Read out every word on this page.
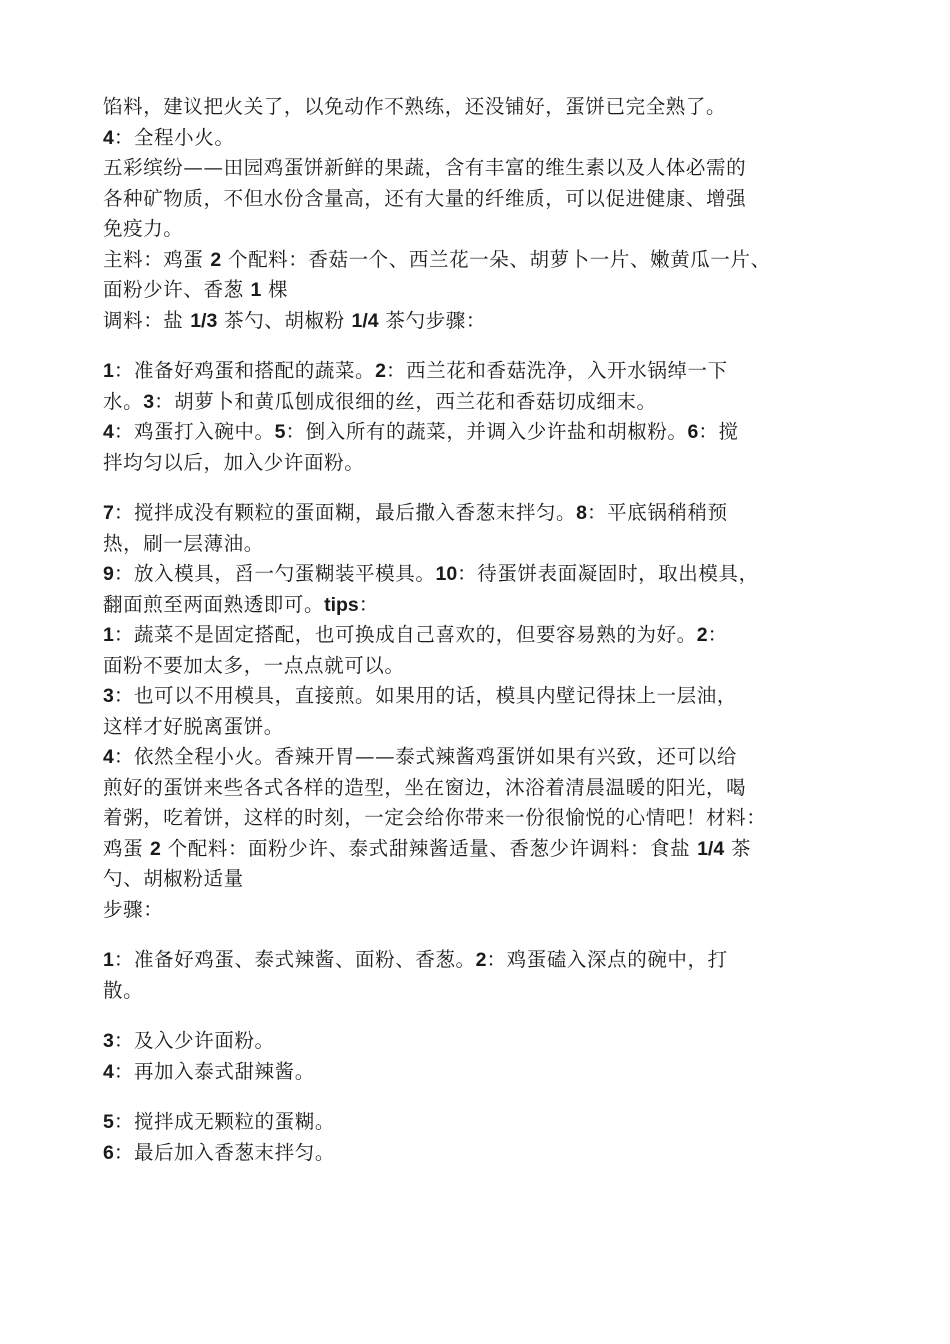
馅料，建议把火关了，以免动作不熟练，还没铺好，蛋饼已完全熟了。

4：全程小火。

五彩缤纷——田园鸡蛋饼新鲜的果蔬，含有丰富的维生素以及人体必需的

各种矿物质，不但水份含量高，还有大量的纤维质，可以促进健康、增强

免疫力。

主料：鸡蛋 2 个配料：香菇一个、西兰花一朵、胡萝卜一片、嫩黄瓜一片、

面粉少许、香葱 1 棵

调料：盐 1/3 茶勺、胡椒粉 1/4 茶勺步骤：

1：准备好鸡蛋和搭配的蔬菜。2：西兰花和香菇洗净，入开水锅绰一下

水。3：胡萝卜和黄瓜刨成很细的丝，西兰花和香菇切成细末。

4：鸡蛋打入碗中。5：倒入所有的蔬菜，并调入少许盐和胡椒粉。6：搅

拌均匀以后，加入少许面粉。

7：搅拌成没有颗粒的蛋面糊，最后撒入香葱末拌匀。8：平底锅稍稍预

热，刷一层薄油。

9：放入模具，舀一勺蛋糊装平模具。10：待蛋饼表面凝固时，取出模具，

翻面煎至两面熟透即可。tips：

1：蔬菜不是固定搭配，也可换成自己喜欢的，但要容易熟的为好。2：

面粉不要加太多，一点点就可以。

3：也可以不用模具，直接煎。如果用的话，模具内壁记得抹上一层油，

这样才好脱离蛋饼。

4：依然全程小火。香辣开胃——泰式辣酱鸡蛋饼如果有兴致，还可以给

煎好的蛋饼来些各式各样的造型，坐在窗边，沐浴着清晨温暖的阳光，喝

着粥，吃着饼，这样的时刻，一定会给你带来一份很愉悦的心情吧！材料：

鸡蛋 2 个配料：面粉少许、泰式甜辣酱适量、香葱少许调料：食盐 1/4 茶

勺、胡椒粉适量

步骤：

1：准备好鸡蛋、泰式辣酱、面粉、香葱。2：鸡蛋磕入深点的碗中，打

散。

3：及入少许面粉。

4：再加入泰式甜辣酱。

5：搅拌成无颗粒的蛋糊。

6：最后加入香葱末拌匀。
